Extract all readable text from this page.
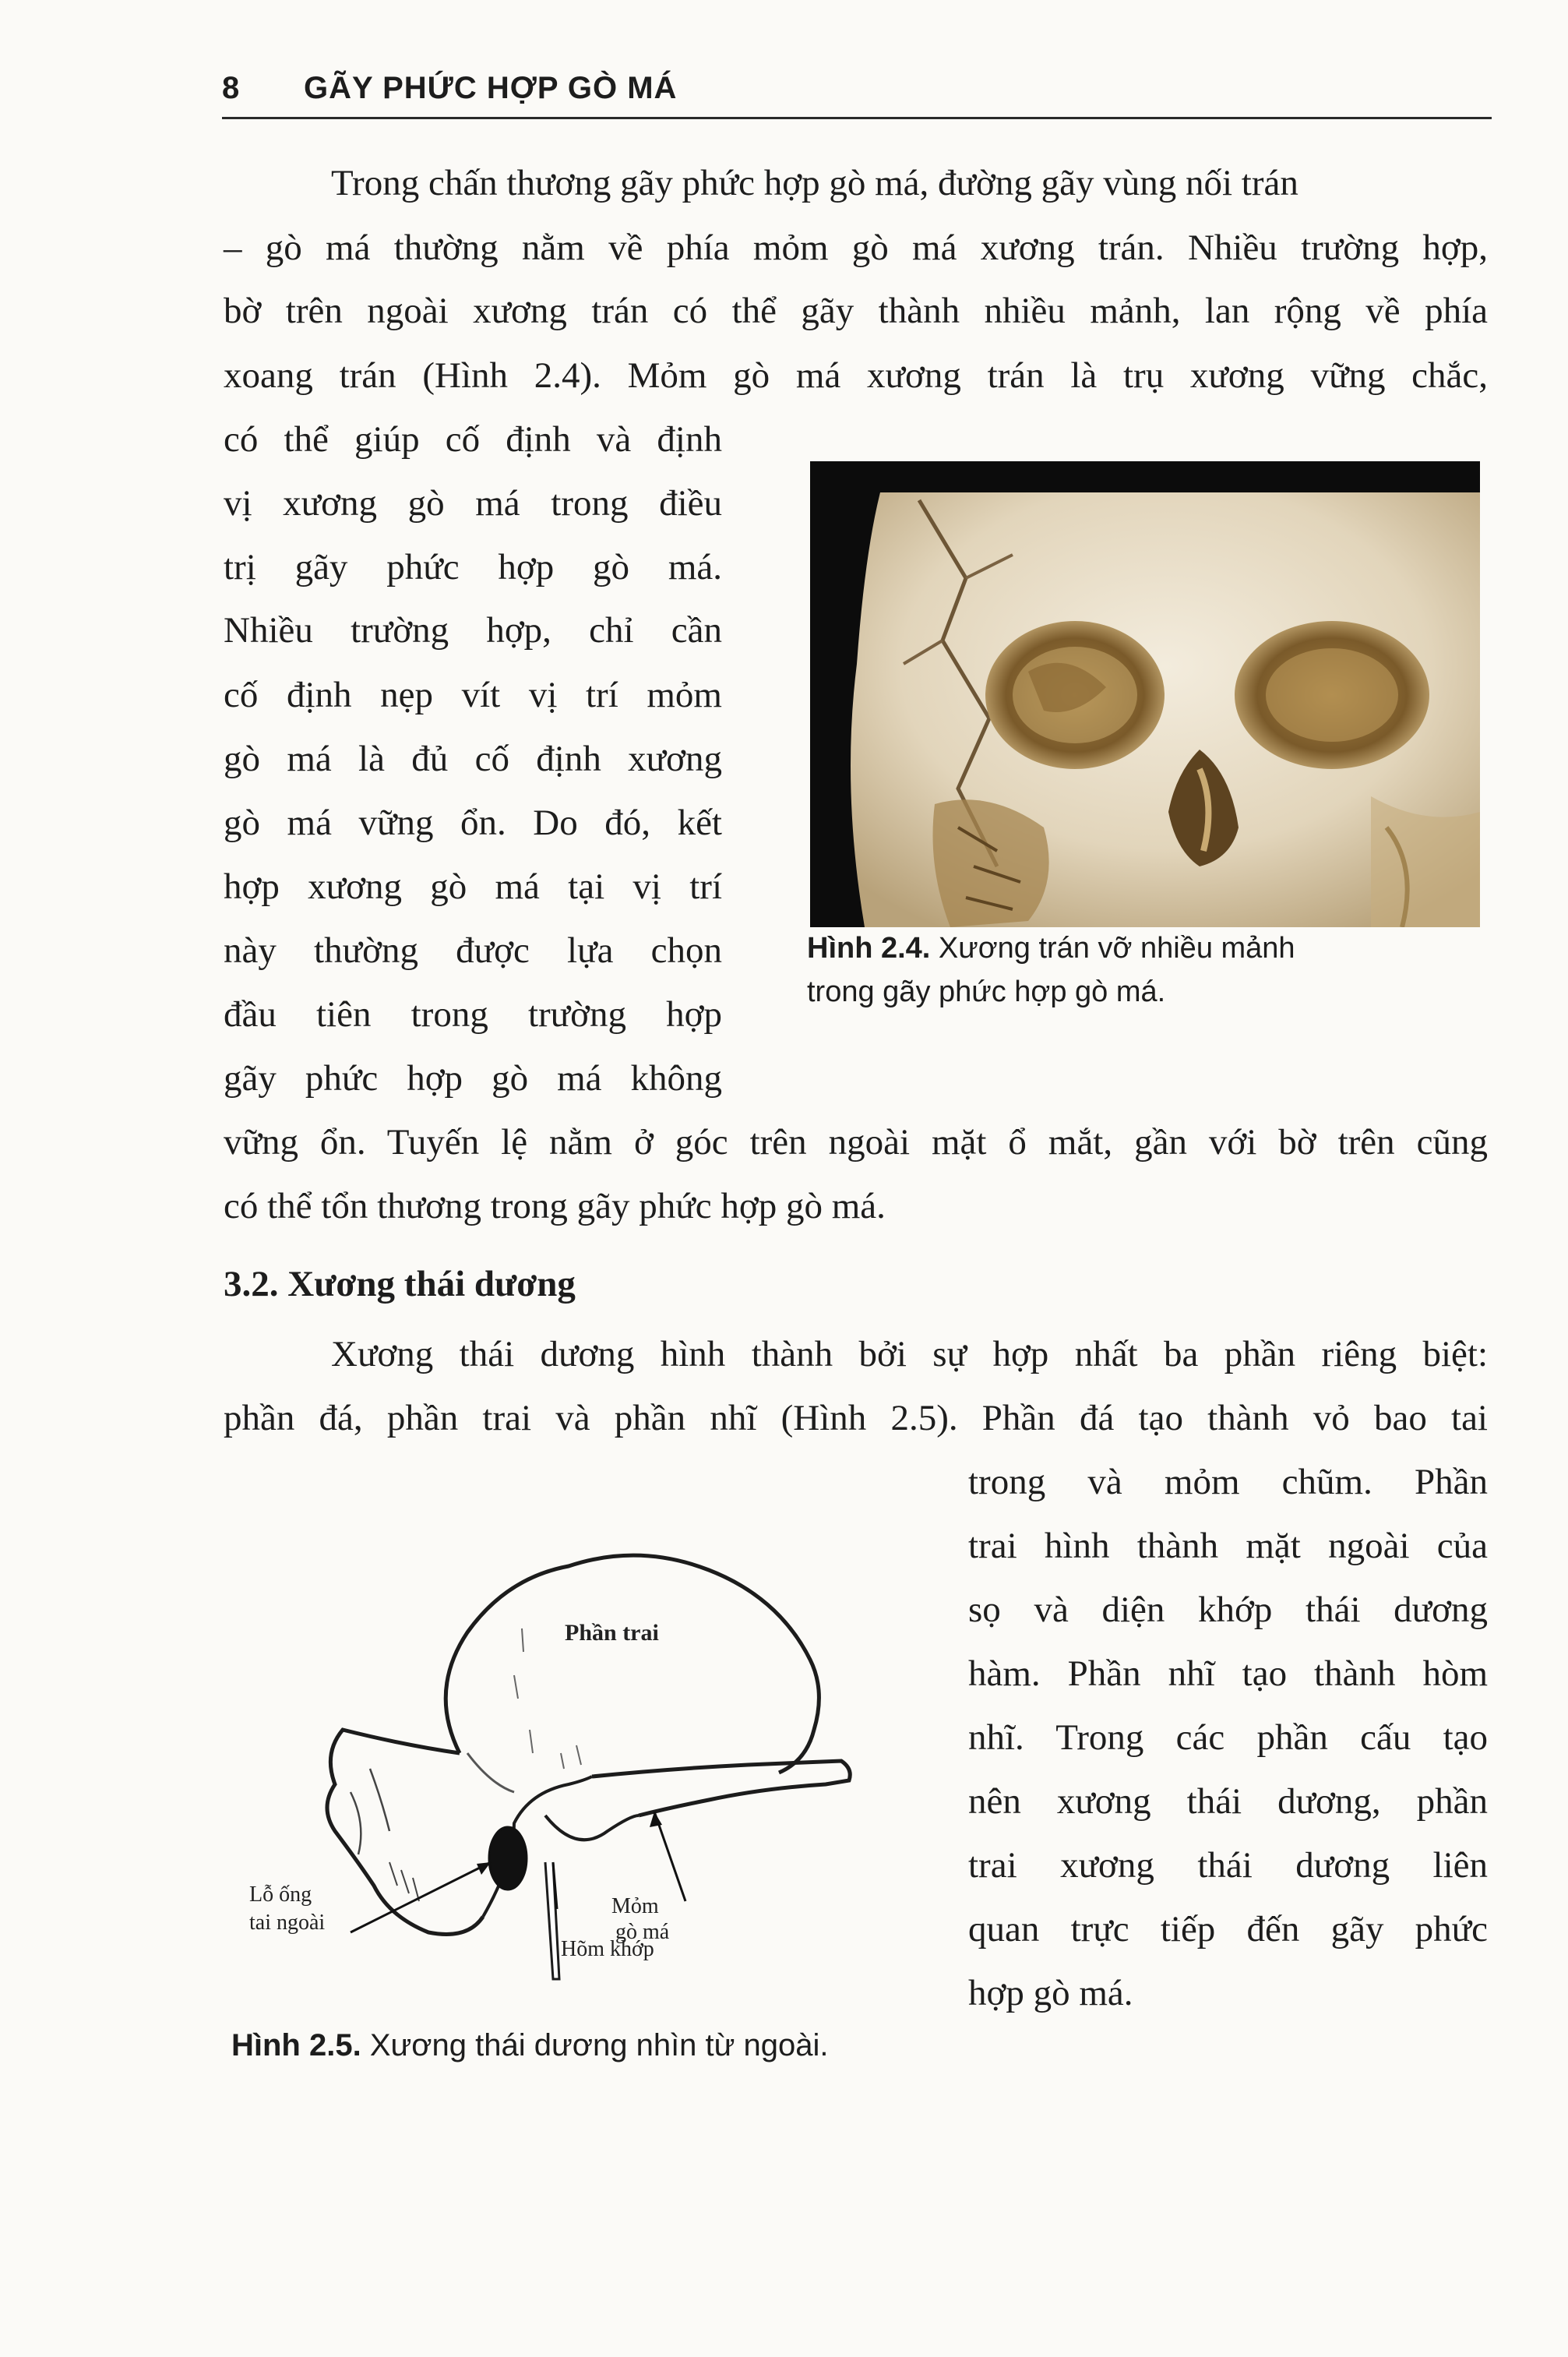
8 GÃY PHỨC HỢP GÒ MÁ
Trong chấn thương gãy phức hợp gò má, đường gãy vùng nối trán
– gò má thường nằm về phía mỏm gò má xương trán. Nhiều trường hợp,
bờ trên ngoài xương trán có thể gãy thành nhiều mảnh, lan rộng về phía
xoang trán (Hình 2.4). Mỏm gò má xương trán là trụ xương vững chắc,
có thể giúp cố định và định
vị xương gò má trong điều
trị gãy phức hợp gò má.
Nhiều trường hợp, chỉ cần
cố định nẹp vít vị trí mỏm
gò má là đủ cố định xương
gò má vững ổn. Do đó, kết
hợp xương gò má tại vị trí
này thường được lựa chọn
đầu tiên trong trường hợp
gãy phức hợp gò má không
vững ổn. Tuyến lệ nằm ở góc trên ngoài mặt ổ mắt, gần với bờ trên cũng
có thể tổn thương trong gãy phức hợp gò má.
Hình 2.4. Xương trán vỡ nhiều mảnh
trong gãy phức hợp gò má.
3.2. Xương thái dương
Xương thái dương hình thành bởi sự hợp nhất ba phần riêng biệt:
phần đá, phần trai và phần nhĩ (Hình 2.5). Phần đá tạo thành vỏ bao tai
trong và mỏm chũm. Phần
trai hình thành mặt ngoài của
sọ và diện khớp thái dương
hàm. Phần nhĩ tạo thành hòm
nhĩ. Trong các phần cấu tạo
nên xương thái dương, phần
trai xương thái dương liên
quan trực tiếp đến gãy phức
hợp gò má.
Phần trai
Lỗ ống
tai ngoài
Mỏm
gò má
Hõm khớp
Hình 2.5. Xương thái dương nhìn từ ngoài.
